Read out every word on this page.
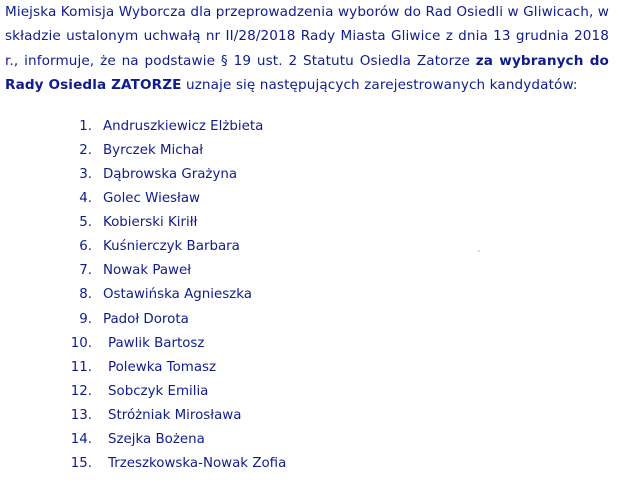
Miejska Komisja Wyborcza dla przeprowadzenia wyborów do Rad Osiedli w Gliwicach, w składzie ustalonym uchwałą nr II/28/2018 Rady Miasta Gliwice z dnia 13 grudnia 2018 r., informuje, że na podstawie § 19 ust. 2 Statutu Osiedla Zatorze za wybranych do Rady Osiedla ZATORZE uznaje się następujących zarejestrowanych kandydatów:

1. Andruszkiewicz Elżbieta
2. Byrczek Michał
3. Dąbrowska Grażyna
4. Golec Wiesław
5. Kobierski Kiriłł
6. Kuśnierczyk Barbara
7. Nowak Paweł
8. Ostawińska Agnieszka
9. Padoł Dorota
10. Pawlik Bartosz
11. Polewka Tomasz
12. Sobczyk Emilia
13. Stróżniak Mirosława
14. Szejka Bożena
15. Trzeszkowska-Nowak Zofia
